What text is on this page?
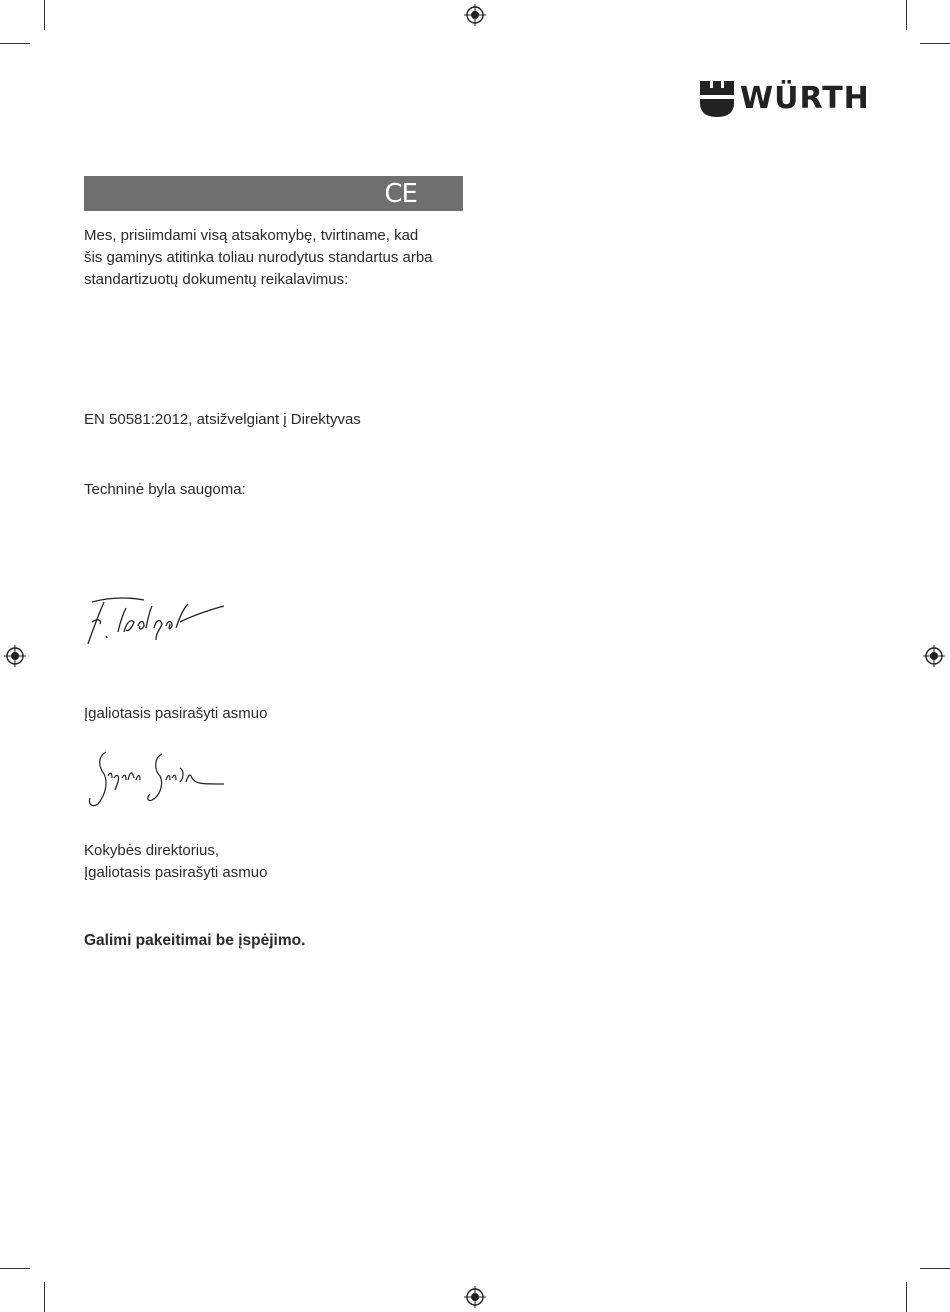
WÜRTH
CE
Mes, prisiimdami visą atsakomybę, tvirtiname, kad
šis gaminys atitinka toliau nurodytus standartus arba
standartizuotų dokumentų reikalavimus:
EN 50581:2012, atsižvelgiant į Direktyvas
Techninė byla saugoma:
Įgaliotasis pasirašyti asmuo
Kokybės direktorius,
Įgaliotasis pasirašyti asmuo
Galimi pakeitimai be įspėjimo.
